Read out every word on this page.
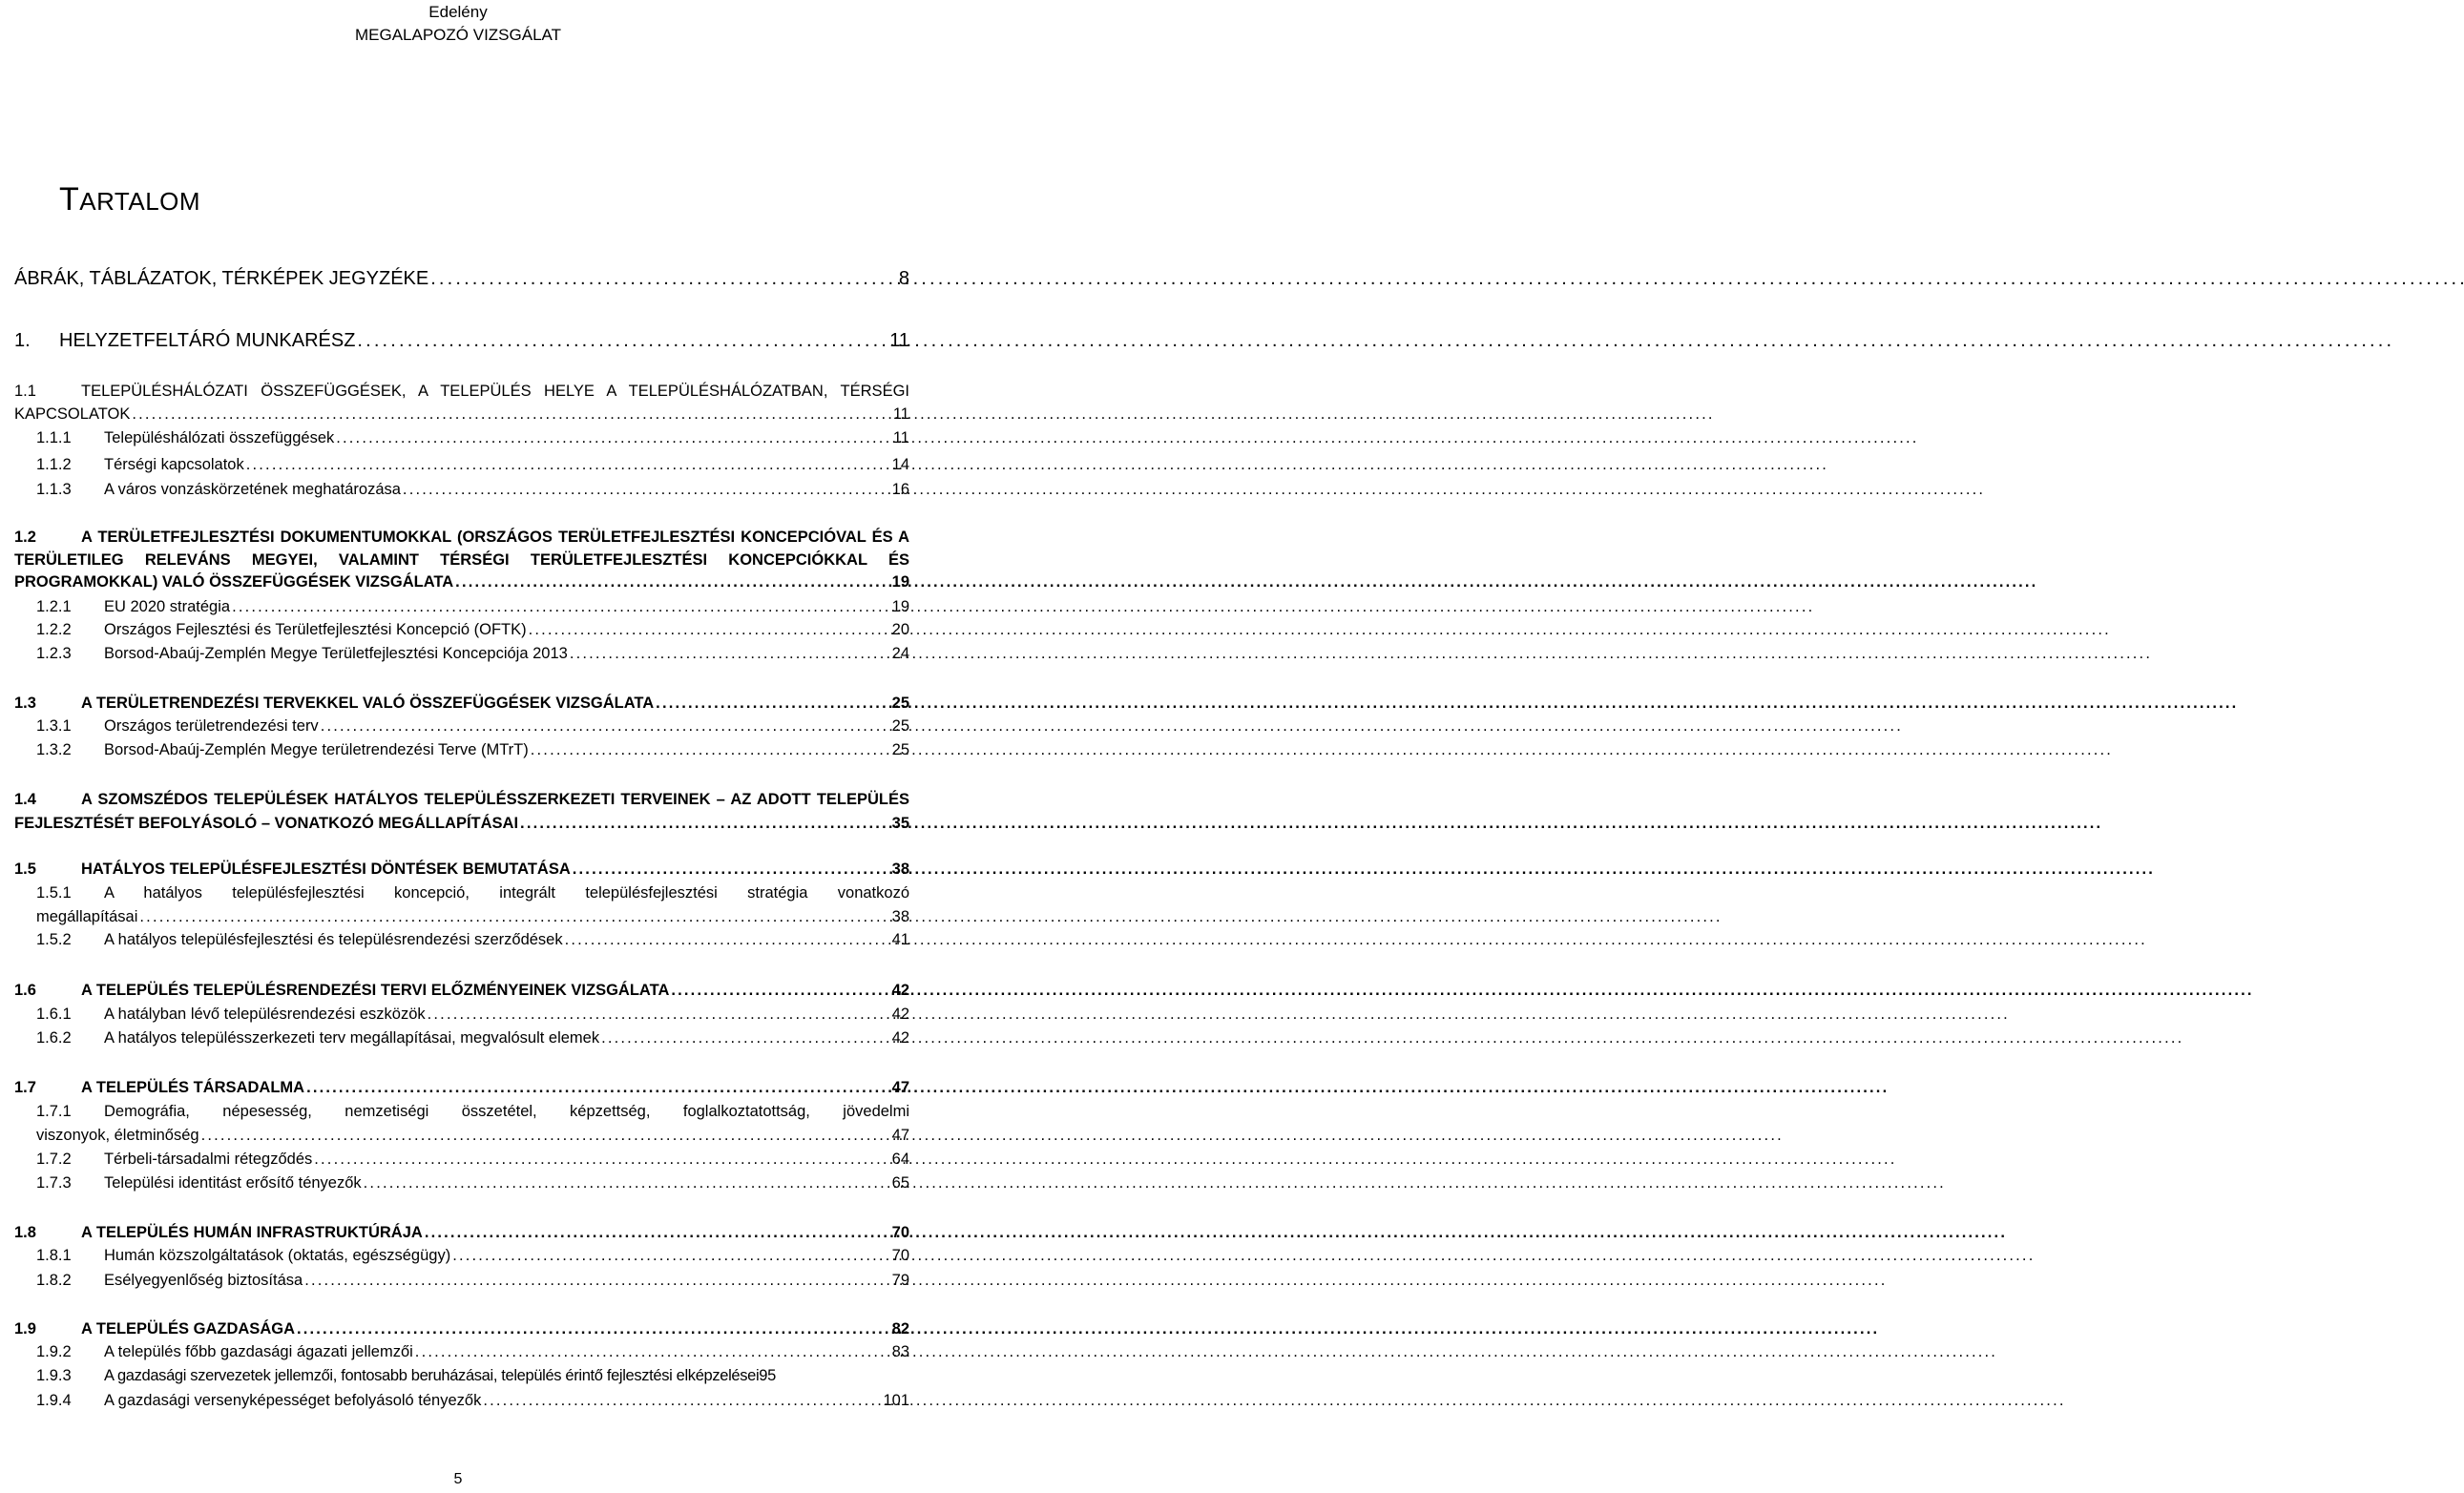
Edelény
MEGALAPOZÓ VIZSGÁLAT
TARTALOM
ÁBRÁK, TÁBLÁZATOK, TÉRKÉPEK JEGYZÉKE . . .	8
1. HELYZETFELTÁRÓ MUNKARÉSZ . . .	11
1.1	TELEPÜLÉSHÁLÓZATI ÖSSZEFÜGGÉSEK, A TELEPÜLÉS HELYE A TELEPÜLÉSHÁLÓZATBAN, TÉRSÉGI
KAPCSOLATOK . . .	11
1.1.1 Településhálózati összefüggések . . .	11
1.1.2 Térségi kapcsolatok . . .	14
1.1.3 A város vonzáskörzetének meghatározása . . .	16
1.2	A TERÜLETFEJLESZTÉSI DOKUMENTUMOKKAL (ORSZÁGOS TERÜLETFEJLESZTÉSI KONCEPCIÓVAL ÉS A
TERÜLETILEG RELEVÁNS MEGYEI, VALAMINT TÉRSÉGI TERÜLETFEJLESZTÉSI KONCEPCIÓKKAL ÉS
PROGRAMOKKAL) VALÓ ÖSSZEFÜGGÉSEK VIZSGÁLATA . . .	19
1.2.1 EU 2020 stratégia . . .	19
1.2.2 Országos Fejlesztési és Területfejlesztési Koncepció (OFTK) . . .	20
1.2.3 Borsod-Abaúj-Zemplén Megye Területfejlesztési Koncepciója 2013 . . .	24
1.3	A TERÜLETRENDEZÉSI TERVEKKEL VALÓ ÖSSZEFÜGGÉSEK VIZSGÁLATA . . .	25
1.3.1 Országos területrendezési terv . . .	25
1.3.2 Borsod-Abaúj-Zemplén Megye területrendezési Terve (MTrT) . . .	25
1.4	A SZOMSZÉDOS TELEPÜLÉSEK HATÁLYOS TELEPÜLÉSSZERKEZETI TERVEINEK – AZ ADOTT TELEPÜLÉS
FEJLESZTÉSÉT BEFOLYÁSOLÓ – VONATKOZÓ MEGÁLLAPÍTÁSAI . . .	35
1.5	HATÁLYOS TELEPÜLÉSFEJLESZTÉSI DÖNTÉSEK BEMUTATÁSA . . .	38
1.5.1 A hatályos településfejlesztési koncepció, integrált településfejlesztési stratégia vonatkozó
megállapításai . . .	38
1.5.2 A hatályos településfejlesztési és településrendezési szerződések . . .	41
1.6	A TELEPÜLÉS TELEPÜLÉSRENDEZÉSI TERVI ELŐZMÉNYEINEK VIZSGÁLATA . . .	42
1.6.1 A hatályban lévő településrendezési eszközök . . .	42
1.6.2 A hatályos településszerkezeti terv megállapításai, megvalósult elemek . . .	42
1.7	A TELEPÜLÉS TÁRSADALMA . . .	47
1.7.1 Demográfia, népesesség, nemzetiségi összetétel, képzettség, foglalkoztatottság, jövedelmi
viszonyok, életminőség . . .	47
1.7.2 Térbeli-társadalmi rétegződés . . .	64
1.7.3 Települési identitást erősítő tényezők . . .	65
1.8	A TELEPÜLÉS HUMÁN INFRASTRUKTÚRÁJA . . .	70
1.8.1 Humán közszolgáltatások (oktatás, egészségügy) . . .	70
1.8.2 Esélyegyenlőség biztosítása . . .	79
1.9	A TELEPÜLÉS GAZDASÁGA . . .	82
1.9.2 A település főbb gazdasági ágazati jellemzői . . .	83
1.9.3 A gazdasági szervezetek jellemzői, fontosabb beruházásai, település érintő fejlesztési elképzelései 95
1.9.4 A gazdasági versenyképességet befolyásoló tényezők . . .	101
5
